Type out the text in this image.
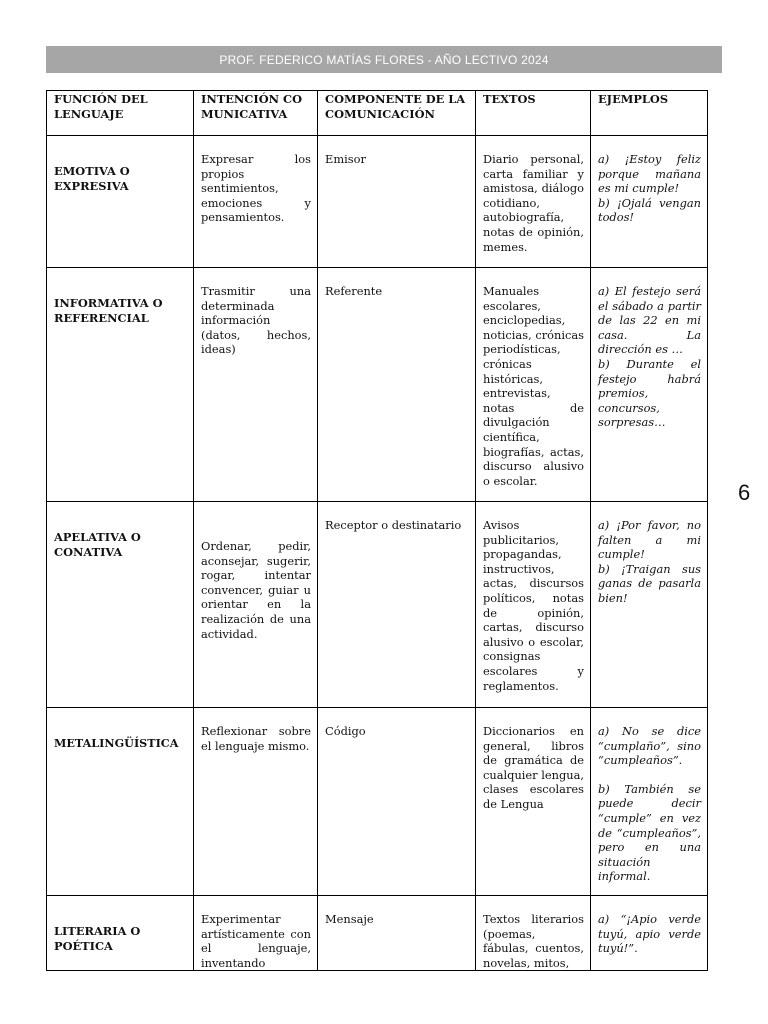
PROF. FEDERICO MATÍAS FLORES - AÑO LECTIVO 2024
FUNCIÓN DEL LENGUAJE	INTENCIÓN COMUNICATIVA	COMPONENTE DE LA COMUNICACIÓN	TEXTOS	EJEMPLOS
EMOTIVA O EXPRESIVA	Expresar los propios sentimientos, emociones y pensamientos.	Emisor	Diario personal, carta familiar y amistosa, diálogo cotidiano, autobiografía, notas de opinión, memes.	a) ¡Estoy feliz porque mañana es mi cumple!
b) ¡Ojalá vengan todos!

INFORMATIVA O REFERENCIAL	Trasmitir una determinada información (datos, hechos, ideas)	Referente	Manuales escolares, enciclopedias, noticias, crónicas periodísticas, crónicas históricas, entrevistas, notas de divulgación científica, biografías, actas, discurso alusivo o escolar.	a) El festejo será el sábado a partir de las 22 en mi casa. La dirección es …
b) Durante el festejo habrá premios, concursos, sorpresas…

APELATIVA O CONATIVA	Ordenar, pedir, aconsejar, sugerir, rogar, intentar convencer, guiar u orientar en la realización de una actividad.	Receptor o destinatario	Avisos publicitarios, propagandas, instructivos, actas, discursos políticos, notas de opinión, cartas, discurso alusivo o escolar, consignas escolares y reglamentos.	a) ¡Por favor, no falten a mi cumple!
b) ¡Traigan sus ganas de pasarla bien!

METALINGÜÍSTICA	Reflexionar sobre el lenguaje mismo.	Código	Diccionarios en general, libros de gramática de cualquier lengua, clases escolares de Lengua	a) No se dice “cumplaño”, sino “cumpleaños”.
b) También se puede decir “cumple” en vez de “cumpleaños”, pero en una situación informal.

LITERARIA O POÉTICA	Experimentar artísticamente con el lenguaje, inventando	Mensaje	Textos literarios (poemas, fábulas, cuentos, novelas, mitos,	a) “¡Apio verde tuyú, apio verde tuyú!”.
6
